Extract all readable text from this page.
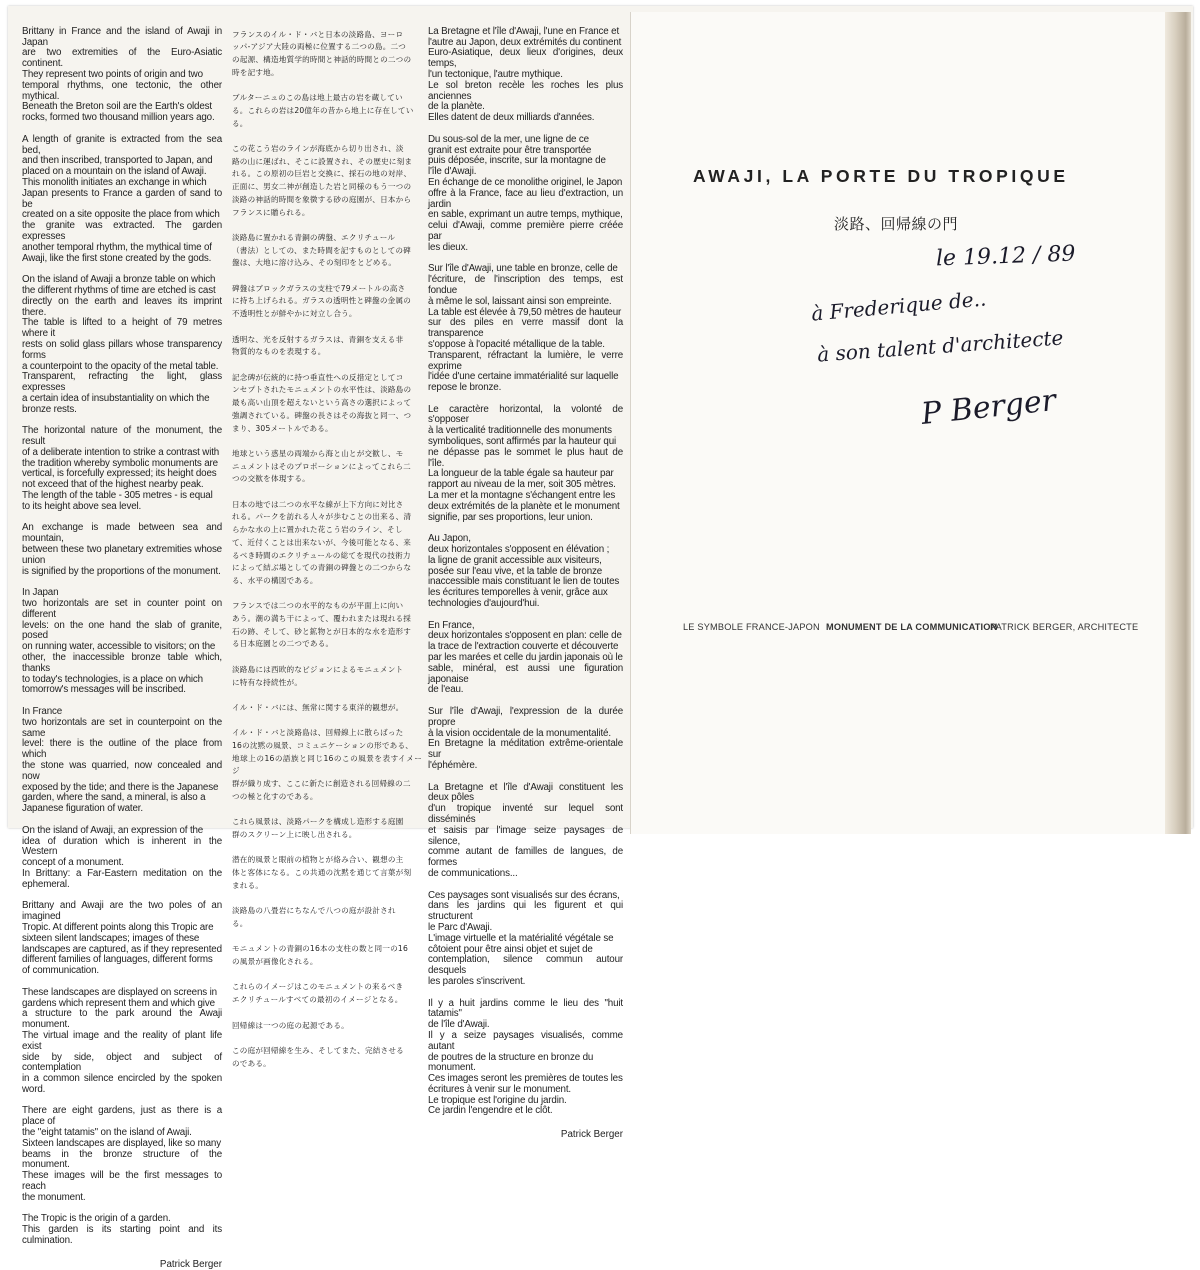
Brittany in France and the island of Awaji in Japan
are two extremities of the Euro-Asiatic continent.
They represent two points of origin and two
temporal rhythms, one tectonic, the other mythical.
Beneath the Breton soil are the Earth's oldest
rocks, formed two thousand million years ago.

A length of granite is extracted from the sea bed,
and then inscribed, transported to Japan, and
placed on a mountain on the island of Awaji.
This monolith initiates an exchange in which
Japan presents to France a garden of sand to be
created on a site opposite the place from which
the granite was extracted. The garden expresses
another temporal rhythm, the mythical time of
Awaji, like the first stone created by the gods.

On the island of Awaji a bronze table on which
the different rhythms of time are etched is cast
directly on the earth and leaves its imprint there.
The table is lifted to a height of 79 metres where it
rests on solid glass pillars whose transparency forms
a counterpoint to the opacity of the metal table.
Transparent, refracting the light, glass expresses
a certain idea of insubstantiality on which the
bronze rests.

The horizontal nature of the monument, the result
of a deliberate intention to strike a contrast with
the tradition whereby symbolic monuments are
vertical, is forcefully expressed; its height does
not exceed that of the highest nearby peak.
The length of the table - 305 metres - is equal
to its height above sea level.

An exchange is made between sea and mountain,
between these two planetary extremities whose union
is signified by the proportions of the monument.

In Japan
two horizontals are set in counter point on different
levels: on the one hand the slab of granite, posed
on running water, accessible to visitors; on the
other, the inaccessible bronze table which, thanks
to today's technologies, is a place on which
tomorrow's messages will be inscribed.

In France
two horizontals are set in counterpoint on the same
level: there is the outline of the place from which
the stone was quarried, now concealed and now
exposed by the tide; and there is the Japanese
garden, where the sand, a mineral, is also a
Japanese figuration of water.

On the island of Awaji, an expression of the
idea of duration which is inherent in the Western
concept of a monument.
In Brittany: a Far-Eastern meditation on the ephemeral.

Brittany and Awaji are the two poles of an imagined
Tropic. At different points along this Tropic are
sixteen silent landscapes; images of these
landscapes are captured, as if they represented
different families of languages, different forms
of communication.

These landscapes are displayed on screens in
gardens which represent them and which give
a structure to the park around the Awaji monument.
The virtual image and the reality of plant life exist
side by side, object and subject of contemplation
in a common silence encircled by the spoken word.

There are eight gardens, just as there is a place of
the "eight tatamis" on the island of Awaji.
Sixteen landscapes are displayed, like so many
beams in the bronze structure of the monument.
These images will be the first messages to reach
the monument.

The Tropic is the origin of a garden.
This garden is its starting point and its culmination.

Patrick Berger

フランスのイル・ド・バと日本の淡路島、ヨーロ
ッパ-アジア大陸の両極に位置する二つの島。二つ
の起源、構造地質学的時間と神話的時間との二つの
時を記す地。

ブルターニュのこの島は地上最古の岩を蔵してい
る。これらの岩は20億年の昔から地上に存在してい
る。

この花こう岩のラインが海底から切り出され、淡
路の山に運ばれ、そこに設置され、その歴史に刻ま
れる。この原初の巨岩と交換に、採石の地の対岸、
正面に、男女二神が創造した岩と同様のもう一つの
淡路の神話的時間を象徴する砂の庭園が、日本から
フランスに贈られる。

淡路島に置かれる青銅の碑盤、エクリチュール
（書法）としての、また時間を記すものとしての碑
盤は、大地に溶け込み、その刻印をとどめる。

碑盤はブロックガラスの支柱で79メートルの高さ
に持ち上げられる。ガラスの透明性と碑盤の金属の
不透明性とが鮮やかに対立し合う。

透明な、光を反射するガラスは、青銅を支える非
物質的なものを表現する。

記念碑が伝統的に持つ垂直性への反措定としてコ
ンセプトされたモニュメントの水平性は、淡路島の
最も高い山頂を超えないという高さの選択によって
強調されている。碑盤の長さはその海抜と同一、つ
まり、305メートルである。

地球という惑星の両端から海と山とが交歓し、モ
ニュメントはそのプロポーションによってこれら二
つの交歓を体現する。

日本の地では二つの水平な線が上下方向に対比さ
れる。パークを訪れる人々が歩むことの出来る、清
らかな水の上に置かれた花こう岩のライン、そし
て、近付くことは出来ないが、今後可能となる、来
るべき時間のエクリチュールの総てを現代の技術力
によって結ぶ場としての青銅の碑盤との二つからな
る、水平の構図である。

フランスでは二つの水平的なものが平面上に向い
あう。潮の満ち干によって、覆われまたは現れる採
石の跡、そして、砂と鉱物とが日本的な水を造形す
る日本庭園との二つである。

淡路島には西欧的なビジョンによるモニュメント
に特有な持続性が。

イル・ド・バには、無常に関する東洋的観想が。

イル・ド・バと淡路島は、回帰線上に散らばった
16の沈黙の風景、コミュニケーションの形である、
地球上の16の語族と同じ16のこの風景を表すイメージ
群が織り成す、ここに新たに創造される回帰線の二
つの極と化すのである。

これら風景は、淡路パークを構成し造形する庭園
群のスクリーン上に映し出される。

潜在的風景と眼前の植物とが絡み合い、観想の主
体と客体になる。この共通の沈黙を通じて言葉が刻
まれる。

淡路島の八畳岩にちなんで八つの庭が設計され
る。

モニュメントの青銅の16本の支柱の数と同一の16
の風景が画像化される。

これらのイメージはこのモニュメントの来るべき
エクリチュールすべての最初のイメージとなる。

回帰線は一つの庭の起源である。

この庭が回帰線を生み、そしてまた、完結させる
のである。

La Bretagne et l'île d'Awaji, l'une en France et
l'autre au Japon, deux extrémités du continent
Euro-Asiatique, deux lieux d'origines, deux temps,
l'un tectonique, l'autre mythique.
Le sol breton recèle les roches les plus anciennes
de la planète.
Elles datent de deux milliards d'années.

Du sous-sol de la mer, une ligne de ce
granit est extraite pour être transportée
puis déposée, inscrite, sur la montagne de
l'île d'Awaji.
En échange de ce monolithe originel, le Japon
offre à la France, face au lieu d'extraction, un jardin
en sable, exprimant un autre temps, mythique,
celui d'Awaji, comme première pierre créée par
les dieux.

Sur l'île d'Awaji, une table en bronze, celle de
l'écriture, de l'inscription des temps, est fondue
à même le sol, laissant ainsi son empreinte.
La table est élevée à 79,50 mètres de hauteur
sur des piles en verre massif dont la transparence
s'oppose à l'opacité métallique de la table.
Transparent, réfractant la lumière, le verre exprime
l'idée d'une certaine immatérialité sur laquelle
repose le bronze.

Le caractère horizontal, la volonté de s'opposer
à la verticalité traditionnelle des monuments
symboliques, sont affirmés par la hauteur qui
ne dépasse pas le sommet le plus haut de l'île.
La longueur de la table égale sa hauteur par
rapport au niveau de la mer, soit 305 mètres.
La mer et la montagne s'échangent entre les
deux extrémités de la planète et le monument
signifie, par ses proportions, leur union.

Au Japon,
deux horizontales s'opposent en élévation ;
la ligne de granit accessible aux visiteurs,
posée sur l'eau vive, et la table de bronze
inaccessible mais constituant le lien de toutes
les écritures temporelles à venir, grâce aux
technologies d'aujourd'hui.

En France,
deux horizontales s'opposent en plan: celle de
la trace de l'extraction couverte et découverte
par les marées et celle du jardin japonais où le
sable, minéral, est aussi une figuration japonaise
de l'eau.

Sur l'île d'Awaji, l'expression de la durée propre
à la vision occidentale de la monumentalité.
En Bretagne la méditation extrême-orientale sur
l'éphémère.

La Bretagne et l'île d'Awaji constituent les deux pôles
d'un tropique inventé sur lequel sont disséminés
et saisis par l'image seize paysages de silence,
comme autant de familles de langues, de formes
de communications...

Ces paysages sont visualisés sur des écrans,
dans les jardins qui les figurent et qui structurent
le Parc d'Awaji.
L'image virtuelle et la matérialité végétale se
côtoient pour être ainsi objet et sujet de
contemplation, silence commun autour desquels
les paroles s'inscrivent.

Il y a huit jardins comme le lieu des "huit tatamis"
de l'île d'Awaji.
Il y a seize paysages visualisés, comme autant
de poutres de la structure en bronze du
monument.
Ces images seront les premières de toutes les
écritures à venir sur le monument.
Le tropique est l'origine du jardin.
Ce jardin l'engendre et le clôt.

Patrick Berger
AWAJI, LA PORTE DU TROPIQUE
淡路、回帰線の門
le 19.12 / 89
à Frederique de..
à son talent d'architecte
P Berger
LE SYMBOLE FRANCE-JAPON MONUMENT DE LA COMMUNICATION
PATRICK BERGER, ARCHITECTE
